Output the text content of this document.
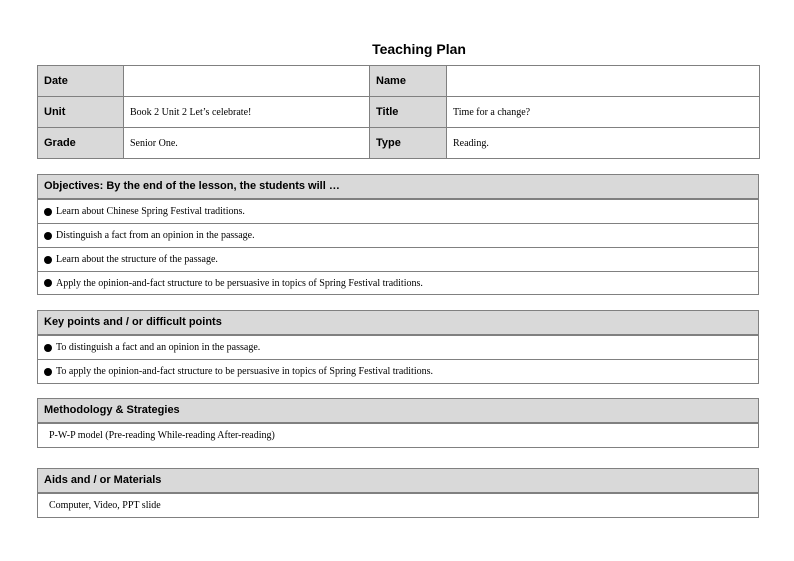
Teaching Plan
Date		Name	
Unit	Book 2 Unit 2 Let’s celebrate!	Title	Time for a change?
Grade	Senior One.	Type	Reading.
Objectives: By the end of the lesson, the students will …
Learn about Chinese Spring Festival traditions.
Distinguish a fact from an opinion in the passage.
Learn about the structure of the passage.
Apply the opinion-and-fact structure to be persuasive in topics of Spring Festival traditions.
Key points and / or difficult points
To distinguish a fact and an opinion in the passage.
To apply the opinion-and-fact structure to be persuasive in topics of Spring Festival traditions.
Methodology & Strategies
P-W-P model (Pre-reading While-reading After-reading)
Aids and / or Materials
Computer, Video, PPT slide
